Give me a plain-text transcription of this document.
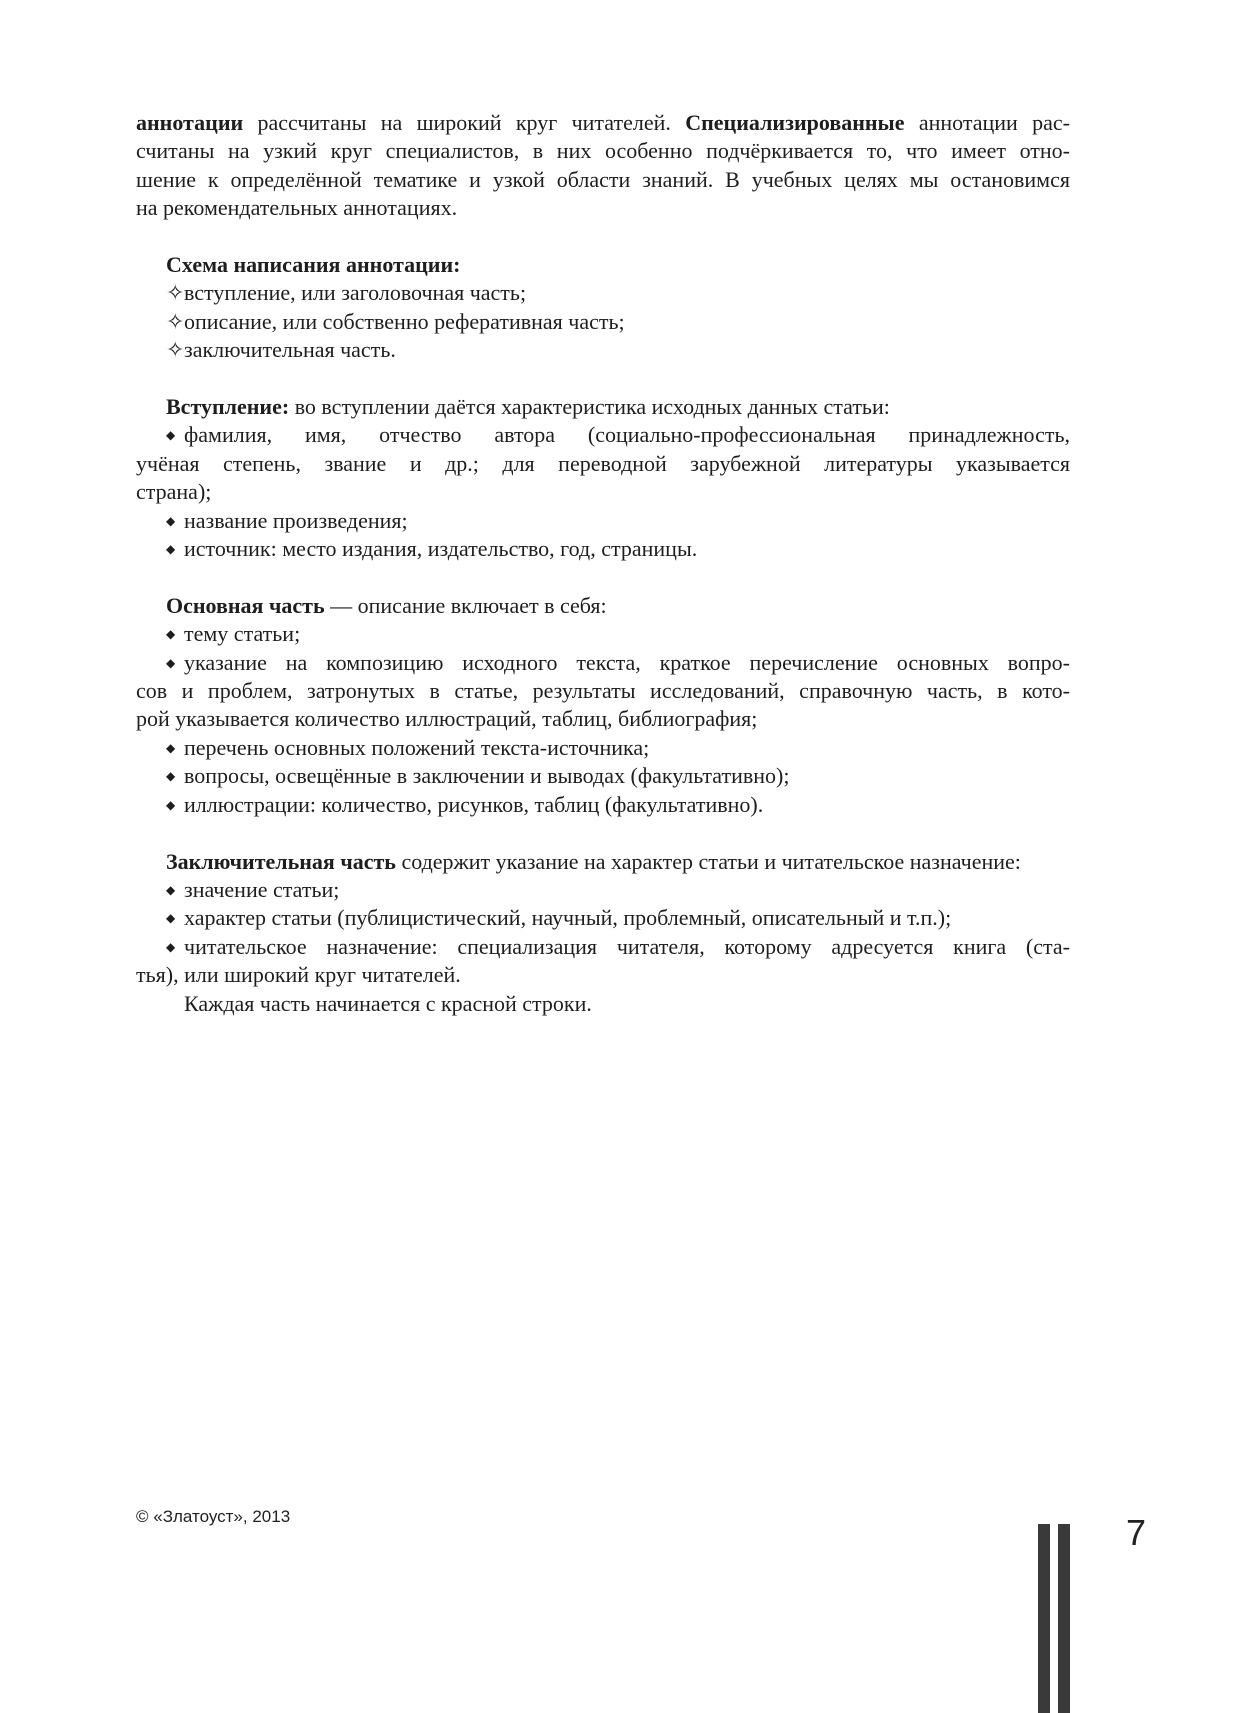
аннотации рассчитаны на широкий круг читателей. Специализированные аннотации рас-

считаны на узкий круг специалистов, в них особенно подчёркивается то, что имеет отно-

шение к определённой тематике и узкой области знаний. В учебных целях мы остановимся

на рекомендательных аннотациях.

Схема написания аннотации:

✧вступление, или заголовочная часть;

✧описание, или собственно реферативная часть;

✧заключительная часть.

Вступление: во вступлении даётся характеристика исходных данных статьи:

◆ фамилия, имя, отчество автора (социально-профессиональная принадлежность,

учёная степень, звание и др.; для переводной зарубежной литературы указывается

страна);

◆ название произведения;

◆ источник: место издания, издательство, год, страницы.

Основная часть — описание включает в себя:

◆ тему статьи;

◆ указание на композицию исходного текста, краткое перечисление основных вопро-

сов и проблем, затронутых в статье, результаты исследований, справочную часть, в кото-

рой указывается количество иллюстраций, таблиц, библиография;

◆ перечень основных положений текста-источника;

◆ вопросы, освещённые в заключении и выводах (факультативно);

◆ иллюстрации: количество, рисунков, таблиц (факультативно).

Заключительная часть содержит указание на характер статьи и читательское назначение:

◆ значение статьи;

◆ характер статьи (публицистический, научный, проблемный, описательный и т.п.);

◆ читательское назначение: специализация читателя, которому адресуется книга (ста-

тья), или широкий круг читателей.

Каждая часть начинается с красной строки.

© «Златоуст», 2013	7
